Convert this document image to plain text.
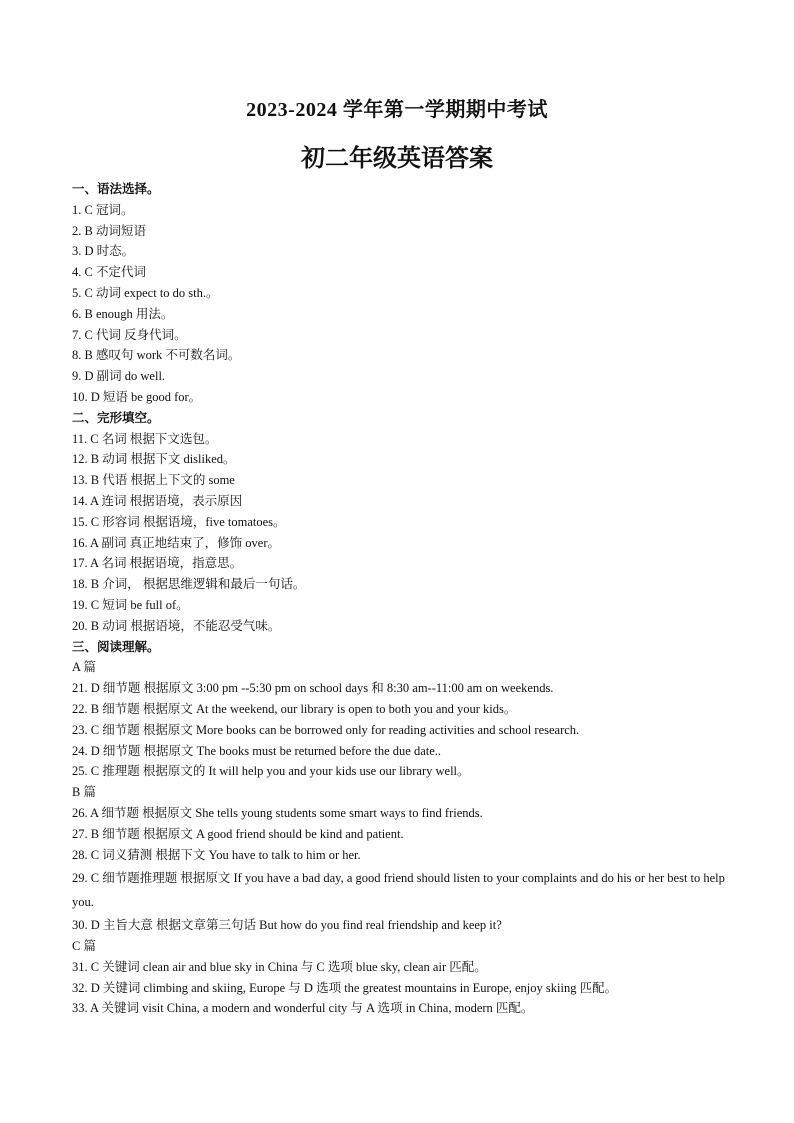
2023-2024 学年第一学期期中考试
初二年级英语答案
一、语法选择。
1. C 冠词。
2. B 动词短语
3. D 时态。
4. C 不定代词
5. C 动词 expect to do sth.。
6. B enough 用法。
7. C 代词 反身代词。
8. B 感叹句 work 不可数名词。
9. D 副词 do well.
10. D 短语 be good for。
二、完形填空。
11. C 名词 根据下文选包。
12. B 动词 根据下文 disliked。
13. B 代语 根据上下文的 some
14. A 连词 根据语境，表示原因
15. C 形容词 根据语境，five tomatoes。
16. A 副词 真正地结束了，修饰 over。
17. A 名词 根据语境，指意思。
18. B 介词， 根据思维逻辑和最后一句话。
19. C 短词 be full of。
20. B 动词 根据语境，不能忍受气味。
三、阅读理解。
A 篇
21. D 细节题 根据原文 3:00 pm --5:30 pm on school days 和 8:30 am--11:00 am on weekends.
22. B 细节题 根据原文 At the weekend, our library is open to both you and your kids。
23. C 细节题 根据原文 More books can be borrowed only for reading activities and school research.
24. D 细节题 根据原文 The books must be returned before the due date..
25. C 推理题 根据原文的 It will help you and your kids use our library well。
B 篇
26. A 细节题 根据原文 She tells young students some smart ways to find friends.
27. B 细节题 根据原文 A good friend should be kind and patient.
28. C 词义猜测 根据下文 You have to talk to him or her.
29. C 细节题推理题 根据原文 If you have a bad day, a good friend should listen to your complaints and do his or her best to help you.
30. D 主旨大意 根据文章第三句话 But how do you find real friendship and keep it?
C 篇
31. C 关键词 clean air and blue sky in China 与 C 选项 blue sky, clean air 匹配。
32. D 关键词 climbing and skiing, Europe 与 D 选项 the greatest mountains in Europe, enjoy skiing 匹配。
33. A 关键词 visit China, a modern and wonderful city 与 A 选项 in China, modern 匹配。
